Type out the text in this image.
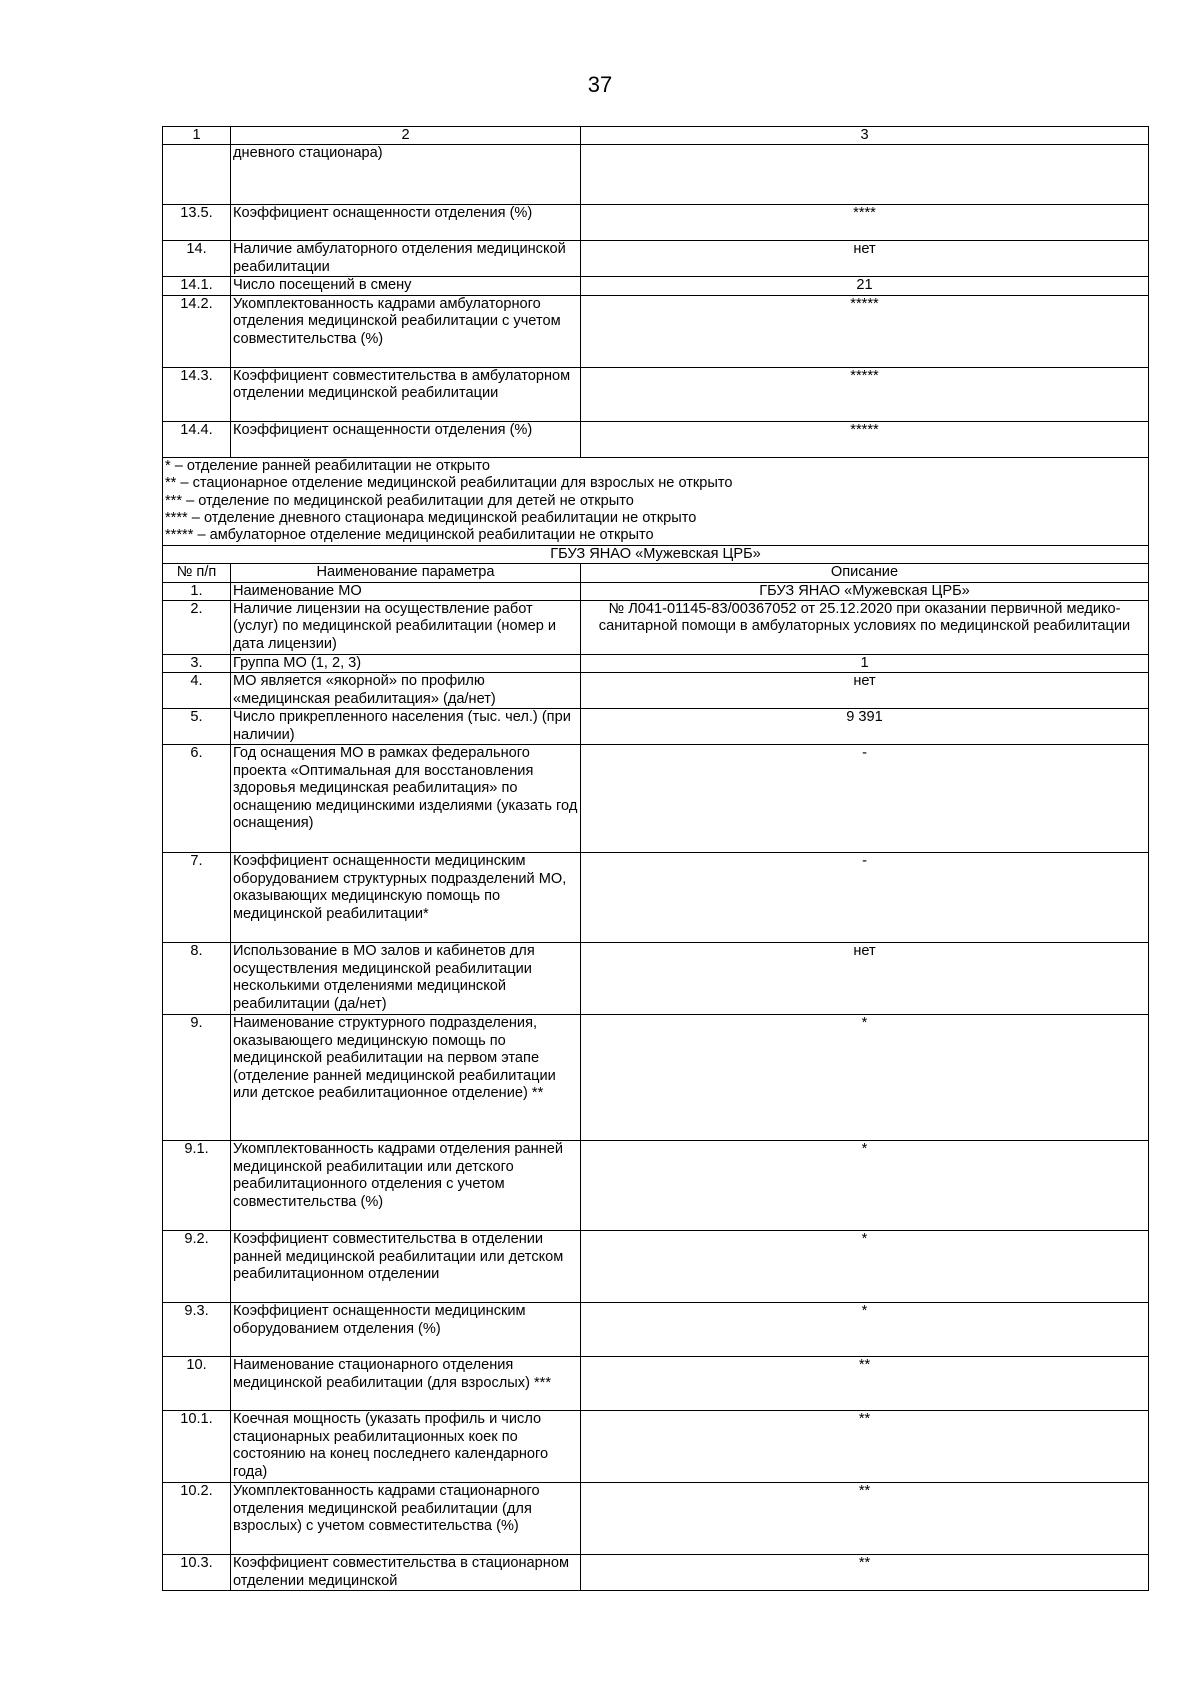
37
1	2	3
	дневного стационара)	
13.5.	Коэффициент оснащенности отделения (%)	****
14.	Наличие амбулаторного отделения медицинской реабилитации	нет
14.1.	Число посещений в смену	21
14.2.	Укомплектованность кадрами амбулаторного отделения медицинской реабилитации с учетом совместительства (%)	*****
14.3.	Коэффициент совместительства в амбулаторном отделении медицинской реабилитации	*****
14.4.	Коэффициент оснащенности отделения (%)	*****

* – отделение ранней реабилитации не открыто
** – стационарное отделение медицинской реабилитации для взрослых не открыто
*** – отделение по медицинской реабилитации для детей не открыто
**** – отделение дневного стационара медицинской реабилитации не открыто
***** – амбулаторное отделение медицинской реабилитации не открыто		

ГБУЗ ЯНАО «Мужевская ЦРБ»		
№ п/п	Наименование параметра	Описание
1.	Наименование МО	ГБУЗ ЯНАО «Мужевская ЦРБ»
2.	Наличие лицензии на осуществление работ (услуг) по медицинской реабилитации (номер и дата лицензии)	№ Л041-01145-83/00367052 от 25.12.2020 при оказании первичной медико-санитарной помощи в амбулаторных условиях по медицинской реабилитации
3.	Группа МО (1, 2, 3)	1
4.	МО является «якорной» по профилю «медицинская реабилитация» (да/нет)	нет
5.	Число прикрепленного населения (тыс. чел.) (при наличии)	9 391
6.	Год оснащения МО в рамках федерального проекта «Оптимальная для восстановления здоровья медицинская реабилитация» по оснащению медицинскими изделиями (указать год оснащения)	-
7.	Коэффициент оснащенности медицинским оборудованием структурных подразделений МО, оказывающих медицинскую помощь по медицинской реабилитации*	-
8.	Использование в МО залов и кабинетов для осуществления медицинской реабилитации несколькими отделениями медицинской реабилитации (да/нет)	нет
9.	Наименование структурного подразделения, оказывающего медицинскую помощь по медицинской реабилитации на первом этапе (отделение ранней медицинской реабилитации или детское реабилитационное отделение) **	*
9.1.	Укомплектованность кадрами отделения ранней медицинской реабилитации или детского реабилитационного отделения с учетом совместительства (%)	*
9.2.	Коэффициент совместительства в отделении ранней медицинской реабилитации или детском реабилитационном отделении	*
9.3.	Коэффициент оснащенности медицинским оборудованием отделения (%)	*
10.	Наименование стационарного отделения медицинской реабилитации (для взрослых) ***	**
10.1.	Коечная мощность (указать профиль и число стационарных реабилитационных коек по состоянию на конец последнего календарного года)	**
10.2.	Укомплектованность кадрами стационарного отделения медицинской реабилитации (для взрослых) с учетом совместительства (%)	**
10.3.	Коэффициент совместительства в стационарном отделении медицинской	**
